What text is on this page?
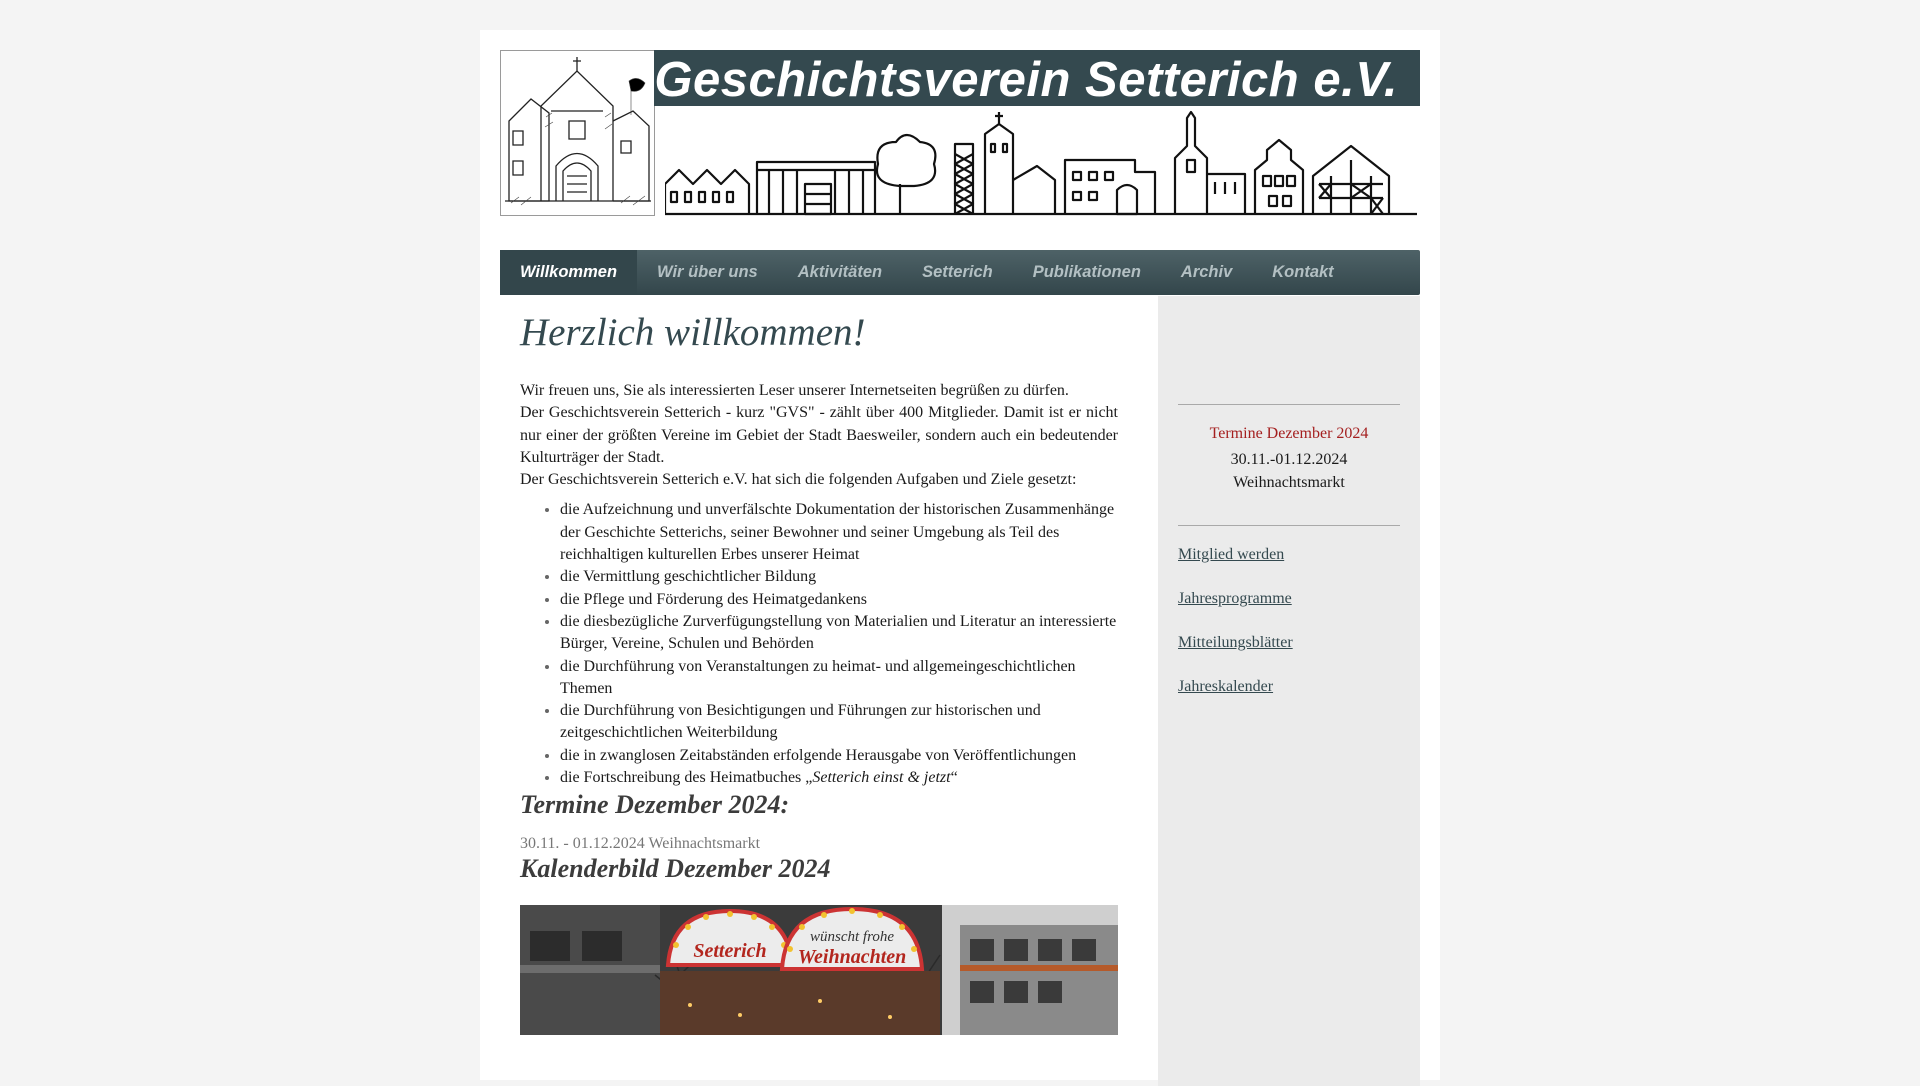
Geschichtsverein Setterich e.V.
Willkommen	Wir über uns	Aktivitäten	Setterich	Publikationen	Archiv	Kontakt
Herzlich willkommen!

Wir freuen uns, Sie als interessierten Leser unserer Internetseiten begrüßen zu dürfen.

Der Geschichtsverein Setterich - kurz "GVS" - zählt über 400 Mitglieder. Damit ist er nicht nur einer der größten Vereine im Gebiet der Stadt Baesweiler, sondern auch ein bedeutender Kulturträger der Stadt.

Der Geschichtsverein Setterich e.V. hat sich die folgenden Aufgaben und Ziele gesetzt:

• die Aufzeichnung und unverfälschte Dokumentation der historischen Zusammenhänge der Geschichte Setterichs, seiner Bewohner und seiner Umgebung als Teil des reichhaltigen kulturellen Erbes unserer Heimat
• die Vermittlung geschichtlicher Bildung
• die Pflege und Förderung des Heimatgedankens
• die diesbezügliche Zurverfügungstellung von Materialien und Literatur an interessierte Bürger, Vereine, Schulen und Behörden
• die Durchführung von Veranstaltungen zu heimat- und allgemeingeschichtlichen Themen
• die Durchführung von Besichtigungen und Führungen zur historischen und zeitgeschichtlichen Weiterbildung
• die in zwanglosen Zeitabständen erfolgende Herausgabe von Veröffentlichungen
• die Fortschreibung des Heimatbuches „Setterich einst & jetzt“
Termine Dezember 2024:
30.11. - 01.12.2024 Weihnachtsmarkt
Kalenderbild Dezember 2024
Setterich
wünscht frohe
Weihnachten
Termine Dezember 2024
30.11.-01.12.2024
Weihnachtsmarkt
Mitglied werden
Jahresprogramme
Mitteilungsblätter
Jahreskalender
